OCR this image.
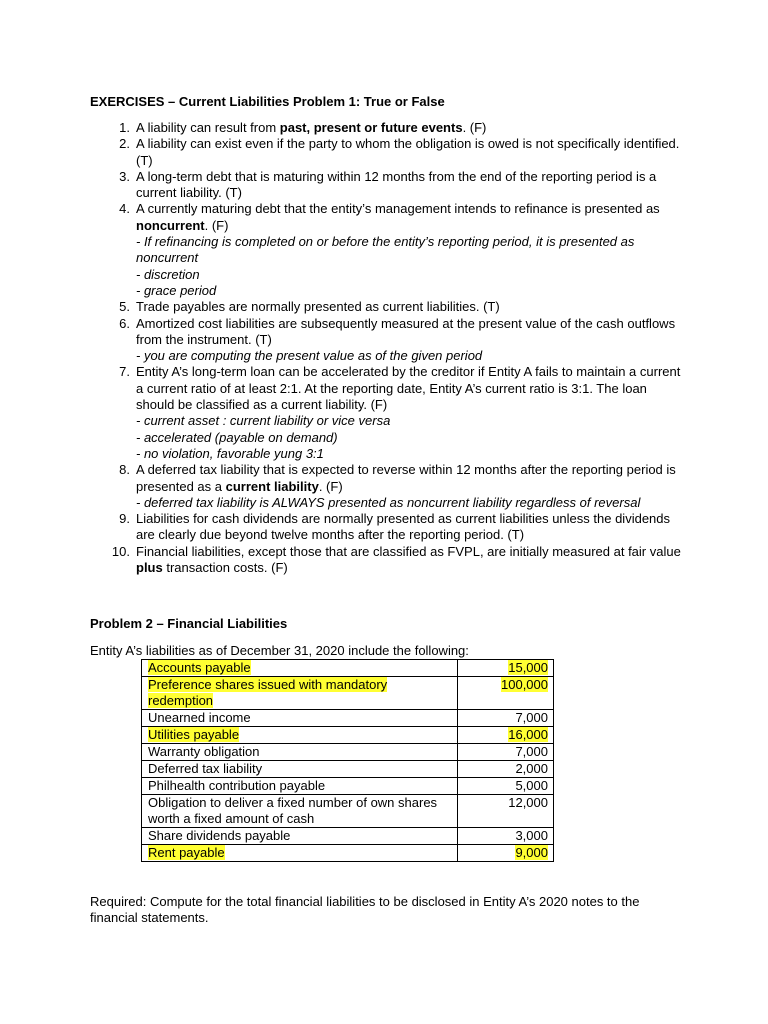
EXERCISES – Current Liabilities Problem 1: True or False

1. A liability can result from past, present or future events. (F)
2. A liability can exist even if the party to whom the obligation is owed is not specifically identified. (T)
3. A long-term debt that is maturing within 12 months from the end of the reporting period is a current liability. (T)
4. A currently maturing debt that the entity’s management intends to refinance is presented as noncurrent. (F)
- If refinancing is completed on or before the entity’s reporting period, it is presented as noncurrent
- discretion
- grace period
5. Trade payables are normally presented as current liabilities. (T)
6. Amortized cost liabilities are subsequently measured at the present value of the cash outflows from the instrument. (T)
- you are computing the present value as of the given period
7. Entity A’s long-term loan can be accelerated by the creditor if Entity A fails to maintain a current a current ratio of at least 2:1. At the reporting date, Entity A’s current ratio is 3:1. The loan should be classified as a current liability. (F)
- current asset : current liability or vice versa
- accelerated (payable on demand)
- no violation, favorable yung 3:1
8. A deferred tax liability that is expected to reverse within 12 months after the reporting period is presented as a current liability. (F)
- deferred tax liability is ALWAYS presented as noncurrent liability regardless of reversal
9. Liabilities for cash dividends are normally presented as current liabilities unless the dividends are clearly due beyond twelve months after the reporting period. (T)
10. Financial liabilities, except those that are classified as FVPL, are initially measured at fair value plus transaction costs. (F)

Problem 2 – Financial Liabilities

Entity A’s liabilities as of December 31, 2020 include the following:

Accounts payable	15,000
Preference shares issued with mandatory redemption	100,000
Unearned income	7,000
Utilities payable	16,000
Warranty obligation	7,000
Deferred tax liability	2,000
Philhealth contribution payable	5,000
Obligation to deliver a fixed number of own shares worth a fixed amount of cash	12,000
Share dividends payable	3,000
Rent payable	9,000

Required: Compute for the total financial liabilities to be disclosed in Entity A’s 2020 notes to the financial statements.
